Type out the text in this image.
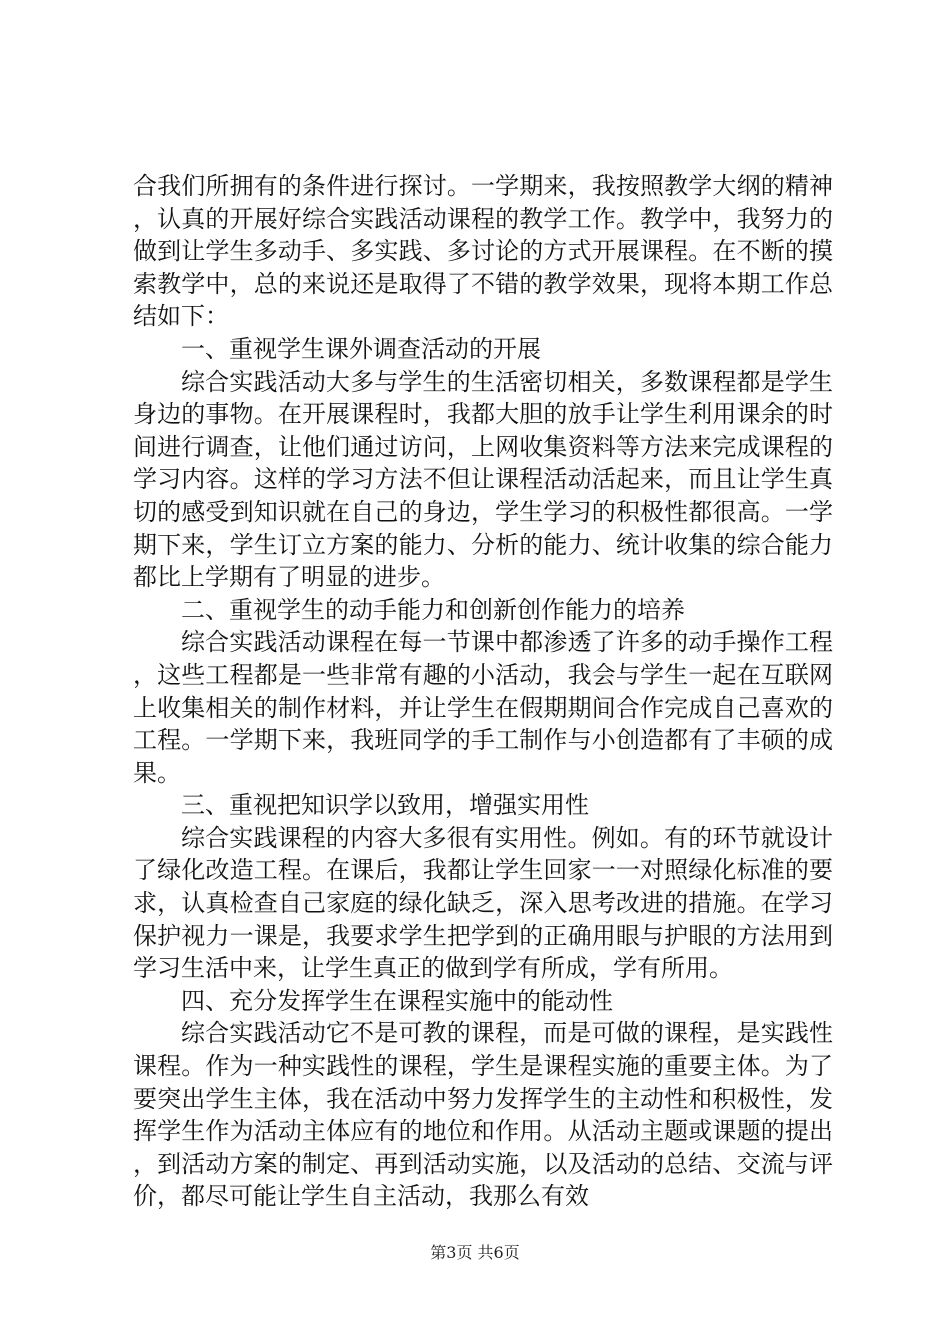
合我们所拥有的条件进行探讨。一学期来，我按照教学大纲的精神，认真的开展好综合实践活动课程的教学工作。教学中，我努力的做到让学生多动手、多实践、多讨论的方式开展课程。在不断的摸索教学中，总的来说还是取得了不错的教学效果，现将本期工作总结如下：

一、重视学生课外调查活动的开展

综合实践活动大多与学生的生活密切相关，多数课程都是学生身边的事物。在开展课程时，我都大胆的放手让学生利用课余的时间进行调查，让他们通过访问，上网收集资料等方法来完成课程的学习内容。这样的学习方法不但让课程活动活起来，而且让学生真切的感受到知识就在自己的身边，学生学习的积极性都很高。一学期下来，学生订立方案的能力、分析的能力、统计收集的综合能力都比上学期有了明显的进步。

二、重视学生的动手能力和创新创作能力的培养

综合实践活动课程在每一节课中都渗透了许多的动手操作工程，这些工程都是一些非常有趣的小活动，我会与学生一起在互联网上收集相关的制作材料，并让学生在假期期间合作完成自己喜欢的工程。一学期下来，我班同学的手工制作与小创造都有了丰硕的成果。

三、重视把知识学以致用，增强实用性

综合实践课程的内容大多很有实用性。例如。有的环节就设计了绿化改造工程。在课后，我都让学生回家一一对照绿化标准的要求，认真检查自己家庭的绿化缺乏，深入思考改进的措施。在学习保护视力一课是，我要求学生把学到的正确用眼与护眼的方法用到学习生活中来，让学生真正的做到学有所成，学有所用。

四、充分发挥学生在课程实施中的能动性

综合实践活动它不是可教的课程，而是可做的课程，是实践性课程。作为一种实践性的课程，学生是课程实施的重要主体。为了要突出学生主体，我在活动中努力发挥学生的主动性和积极性，发挥学生作为活动主体应有的地位和作用。从活动主题或课题的提出，到活动方案的制定、再到活动实施，以及活动的总结、交流与评价，都尽可能让学生自主活动，我那么有效

第3页 共6页
